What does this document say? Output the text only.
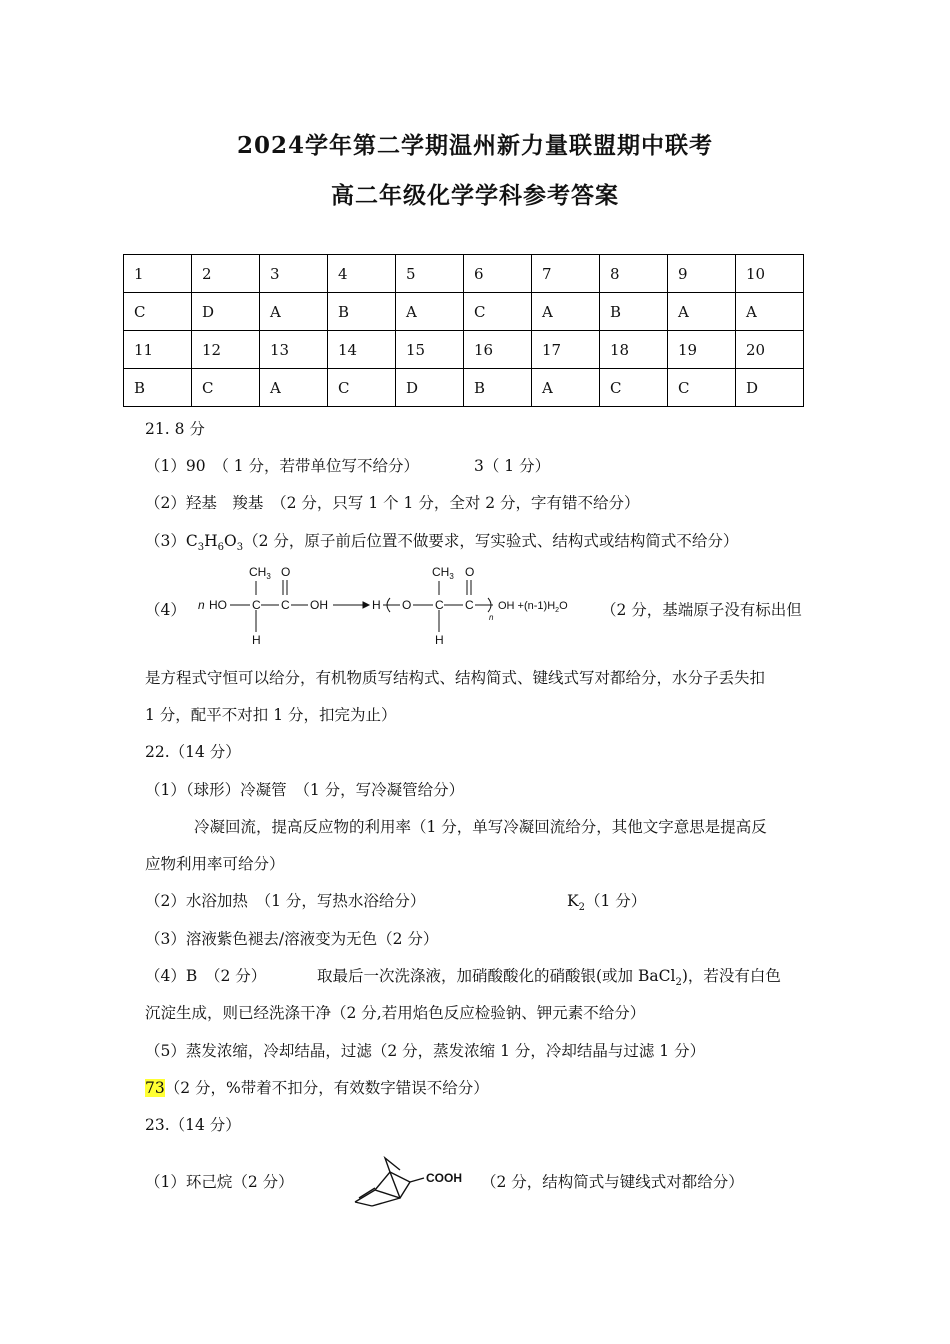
2024学年第二学期温州新力量联盟期中联考
高二年级化学学科参考答案
1	2	3	4	5	6	7	8	9	10
C	D	A	B	A	C	A	B	A	A
11	12	13	14	15	16	17	18	19	20
B	C	A	C	D	B	A	C	C	D
21. 8 分
（1）90　（ 1 分，若带单位写不给分）	3（ 1 分）
（2）羟基　羧基　（2 分，只写 1 个 1 分，全对 2 分，字有错不给分）
$(3)C_3H_6O_3(2$ 分，原子前后位置不做要求，写实验式、结构式或结构简式不给分）
（4） n HO C C OH
$CH_3$ O
H
H O C C
$CH_3$ O
H
n
OH $+(n-1)H_2O$ （2 分，基端原子没有标出但
是方程式守恒可以给分，有机物质写结构式、结构简式、键线式写对都给分，水分子丢失扣
1 分，配平不对扣 1 分，扣完为止）
22.（14 分）
（1）（球形）冷凝管　（1 分，写冷凝管给分）
冷凝回流，提高反应物的利用率（1 分，单写冷凝回流给分，其他文字意思是提高反
应物利用率可给分）
（2）水浴加热　（1 分，写热水浴给分）	$K_2(1$ 分）
（3）溶液紫色褪去/溶液变为无色（2 分）
（4）B　（2 分）	取最后一次洗涤液，加硝酸酸化的硝酸银(或加 BaCl$_2$)，若没有白色
沉淀生成，则已经洗涤干净（2 分,若用焰色反应检验钠、钾元素不给分）
（5）蒸发浓缩，冷却结晶，过滤（2 分，蒸发浓缩 1 分，冷却结晶与过滤 1 分）
73（2 分，%带着不扣分，有效数字错误不给分）
23.（14 分）
（1）环己烷（2 分）	COOH （2 分，结构简式与键线式对都给分）
